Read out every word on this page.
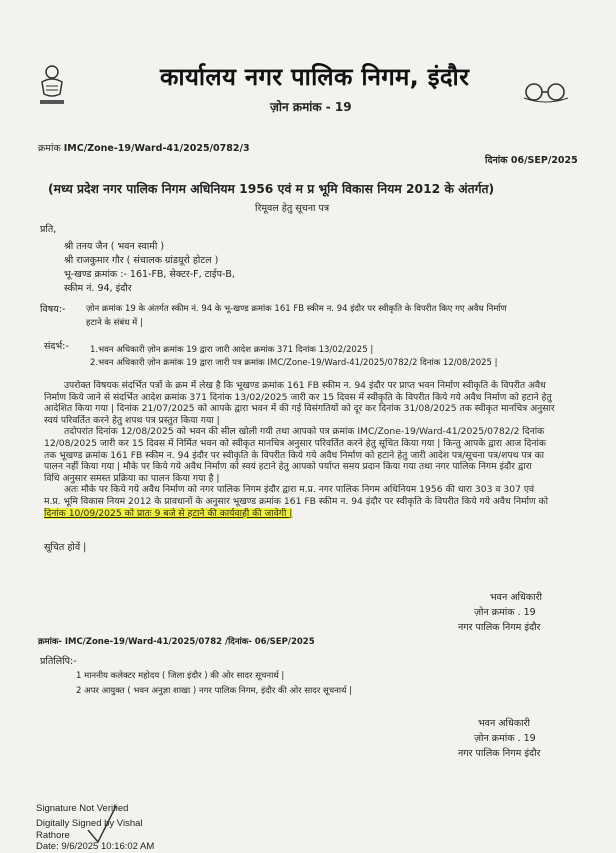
कार्यालय नगर पालिक निगम, इंदौर
ज़ोन क्रमांक - 19
क्रमांक IMC/Zone-19/Ward-41/2025/0782/3
दिनांक 06/SEP/2025
(मध्य प्रदेश नगर पालिक निगम अधिनियम 1956 एवं म प्र भूमि विकास नियम 2012 के अंतर्गत)
रिमूवल हेतु सूचना पत्र
प्रति,
श्री तनय जैन ( भवन स्वामी )
श्री राजकुमार गौर ( संचालक ग्रांडयूरो होटल )
भू-खण्ड क्रमांक :- 161-FB, सेक्टर-F, टाईप-B,
स्कीम नं. 94, इंदौर
विषय:- ज़ोन क्रमांक 19 के अंतर्गत स्कीम नं. 94 के भू-खण्ड क्रमांक 161 FB स्कीम न. 94 इंदौर पर स्वीकृति के विपरीत किए गए अवैध निर्माण
हटाने के संबंध में |
संदर्भ:- 1.भवन अधिकारी ज़ोन क्रमांक 19 द्वारा जारी आदेश क्रमांक 371 दिनांक 13/02/2025 |
2.भवन अधिकारी ज़ोन क्रमांक 19 द्वारा जारी पत्र क्रमांक IMC/Zone-19/Ward-41/2025/0782/2 दिनांक 12/08/2025 |
उपरोक्त विषयक संदर्भित पत्रों के क्रम में लेख है कि भूखण्ड क्रमांक 161 FB स्कीम न. 94 इंदौर पर प्राप्त भवन निर्माण स्वीकृति के विपरीत अवैध
निर्माण किये जाने से संदर्भित आदेश क्रमांक 371 दिनांक 13/02/2025 जारी कर 15 दिवस में स्वीकृति के विपरीत किये गये अवैध निर्माण को हटाने हेतु
आदेशित किया गया | दिनांक 21/07/2025 को आपके द्वारा भवन में की गई विसंगतियों को दूर कर दिनांक 31/08/2025 तक स्वीकृत मानचित्र अनुसार
स्वयं परिवर्तित करने हेतु शपथ पत्र प्रस्तुत किया गया |
तदोपरांत दिनांक 12/08/2025 को भवन की सील खोली गयी तथा आपको पत्र क्रमांक IMC/Zone-19/Ward-41/2025/0782/2 दिनांक
12/08/2025 जारी कर 15 दिवस में निर्मित भवन को स्वीकृत मानचित्र अनुसार परिवर्तित करने हेतु सूचित किया गया | किन्तु आपके द्वारा आज दिनांक
तक भूखण्ड क्रमांक 161 FB स्कीम न. 94 इंदौर पर स्वीकृति के विपरीत किये गये अवैध निर्माण को हटाने हेतु जारी आदेश पत्र/सूचना पत्र/शपथ पत्र का
पालन नहीं किया गया | मौके पर किये गये अवैध निर्माण को स्वयं हटाने हेतु आपको पर्याप्त समय प्रदान किया गया तथा नगर पालिक निगम इंदौर द्वारा
विधि अनुसार समस्त प्रक्रिया का पालन किया गया है |
अतः मौके पर किये गये अवैध निर्माण को नगर पालिक निगम इंदौर द्वारा म.प्र. नगर पालिक निगम अधिनियम 1956 की धारा 303 व 307 एवं
म.प्र. भूमि विकास नियम 2012 के प्रावधानों के अनुसार भूखण्ड क्रमांक 161 FB स्कीम न. 94 इंदौर पर स्वीकृति के विपरीत किये गये अवैध निर्माण को
दिनांक 10/09/2025 को प्रातः 9 बजे से हटाने की कार्यवाही की जावेगी |
सूचित होवें |
भवन अधिकारी
ज़ोन क्रमांक . 19
नगर पालिक निगम इंदौर
क्रमांक- IMC/Zone-19/Ward-41/2025/0782 /दिनांक- 06/SEP/2025
प्रतिलिपि:-
1 माननीय कलेक्टर महोदय ( जिला इंदौर ) की ओर सादर सूचनार्थ |
2 अपर आयुक्त ( भवन अनुज्ञा शाखा ) नगर पालिक निगम, इंदौर की ओर सादर सूचनार्थ |
भवन अधिकारी
ज़ोन क्रमांक . 19
नगर पालिक निगम इंदौर
Signature Not Verified
Digitally Signed by Vishal
Rathore
Date: 9/6/2025 10:16:02 AM
